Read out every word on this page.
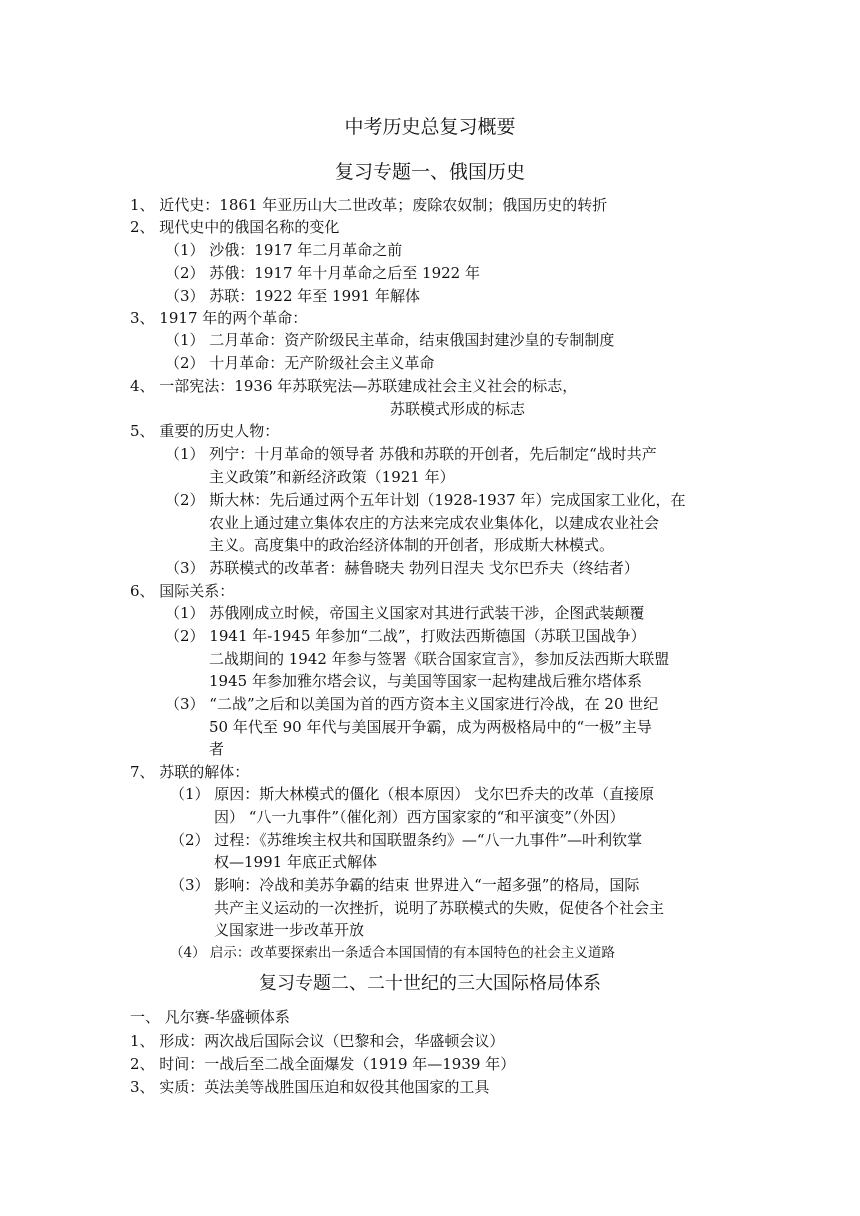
中考历史总复习概要
复习专题一、俄国历史
1、 近代史：1861 年亚历山大二世改革；废除农奴制；俄国历史的转折
2、 现代史中的俄国名称的变化
（1） 沙俄：1917 年二月革命之前
（2） 苏俄：1917 年十月革命之后至 1922 年
（3） 苏联：1922 年至 1991 年解体
3、 1917 年的两个革命：
（1） 二月革命：资产阶级民主革命，结束俄国封建沙皇的专制制度
（2） 十月革命：无产阶级社会主义革命
4、 一部宪法：1936 年苏联宪法—苏联建成社会主义社会的标志，
苏联模式形成的标志
5、 重要的历史人物：
（1） 列宁：十月革命的领导者 苏俄和苏联的开创者，先后制定“战时共产
主义政策”和新经济政策（1921 年）
（2） 斯大林：先后通过两个五年计划（1928-1937 年）完成国家工业化，在
农业上通过建立集体农庄的方法来完成农业集体化，以建成农业社会
主义。高度集中的政治经济体制的开创者，形成斯大林模式。
（3） 苏联模式的改革者：赫鲁晓夫 勃列日涅夫 戈尔巴乔夫（终结者）
6、 国际关系：
（1） 苏俄刚成立时候，帝国主义国家对其进行武装干涉，企图武装颠覆
（2） 1941 年-1945 年参加“二战”，打败法西斯德国（苏联卫国战争）
二战期间的 1942 年参与签署《联合国家宣言》，参加反法西斯大联盟
1945 年参加雅尔塔会议，与美国等国家一起构建战后雅尔塔体系
（3） “二战”之后和以美国为首的西方资本主义国家进行冷战，在 20 世纪
50 年代至 90 年代与美国展开争霸，成为两极格局中的“一极”主导
者
7、 苏联的解体：
（1） 原因：斯大林模式的僵化（根本原因） 戈尔巴乔夫的改革（直接原
因） “八一九事件”（催化剂）西方国家家的“和平演变”（外因）
（2） 过程：《苏维埃主权共和国联盟条约》—“八一九事件”—叶利钦掌
权—1991 年底正式解体
（3） 影响：冷战和美苏争霸的结束 世界进入“一超多强”的格局，国际
共产主义运动的一次挫折，说明了苏联模式的失败，促使各个社会主
义国家进一步改革开放
（4） 启示：改革要探索出一条适合本国国情的有本国特色的社会主义道路
复习专题二、二十世纪的三大国际格局体系
一、 凡尔赛-华盛顿体系
1、 形成：两次战后国际会议（巴黎和会，华盛顿会议）
2、 时间：一战后至二战全面爆发（1919 年—1939 年）
3、 实质：英法美等战胜国压迫和奴役其他国家的工具
